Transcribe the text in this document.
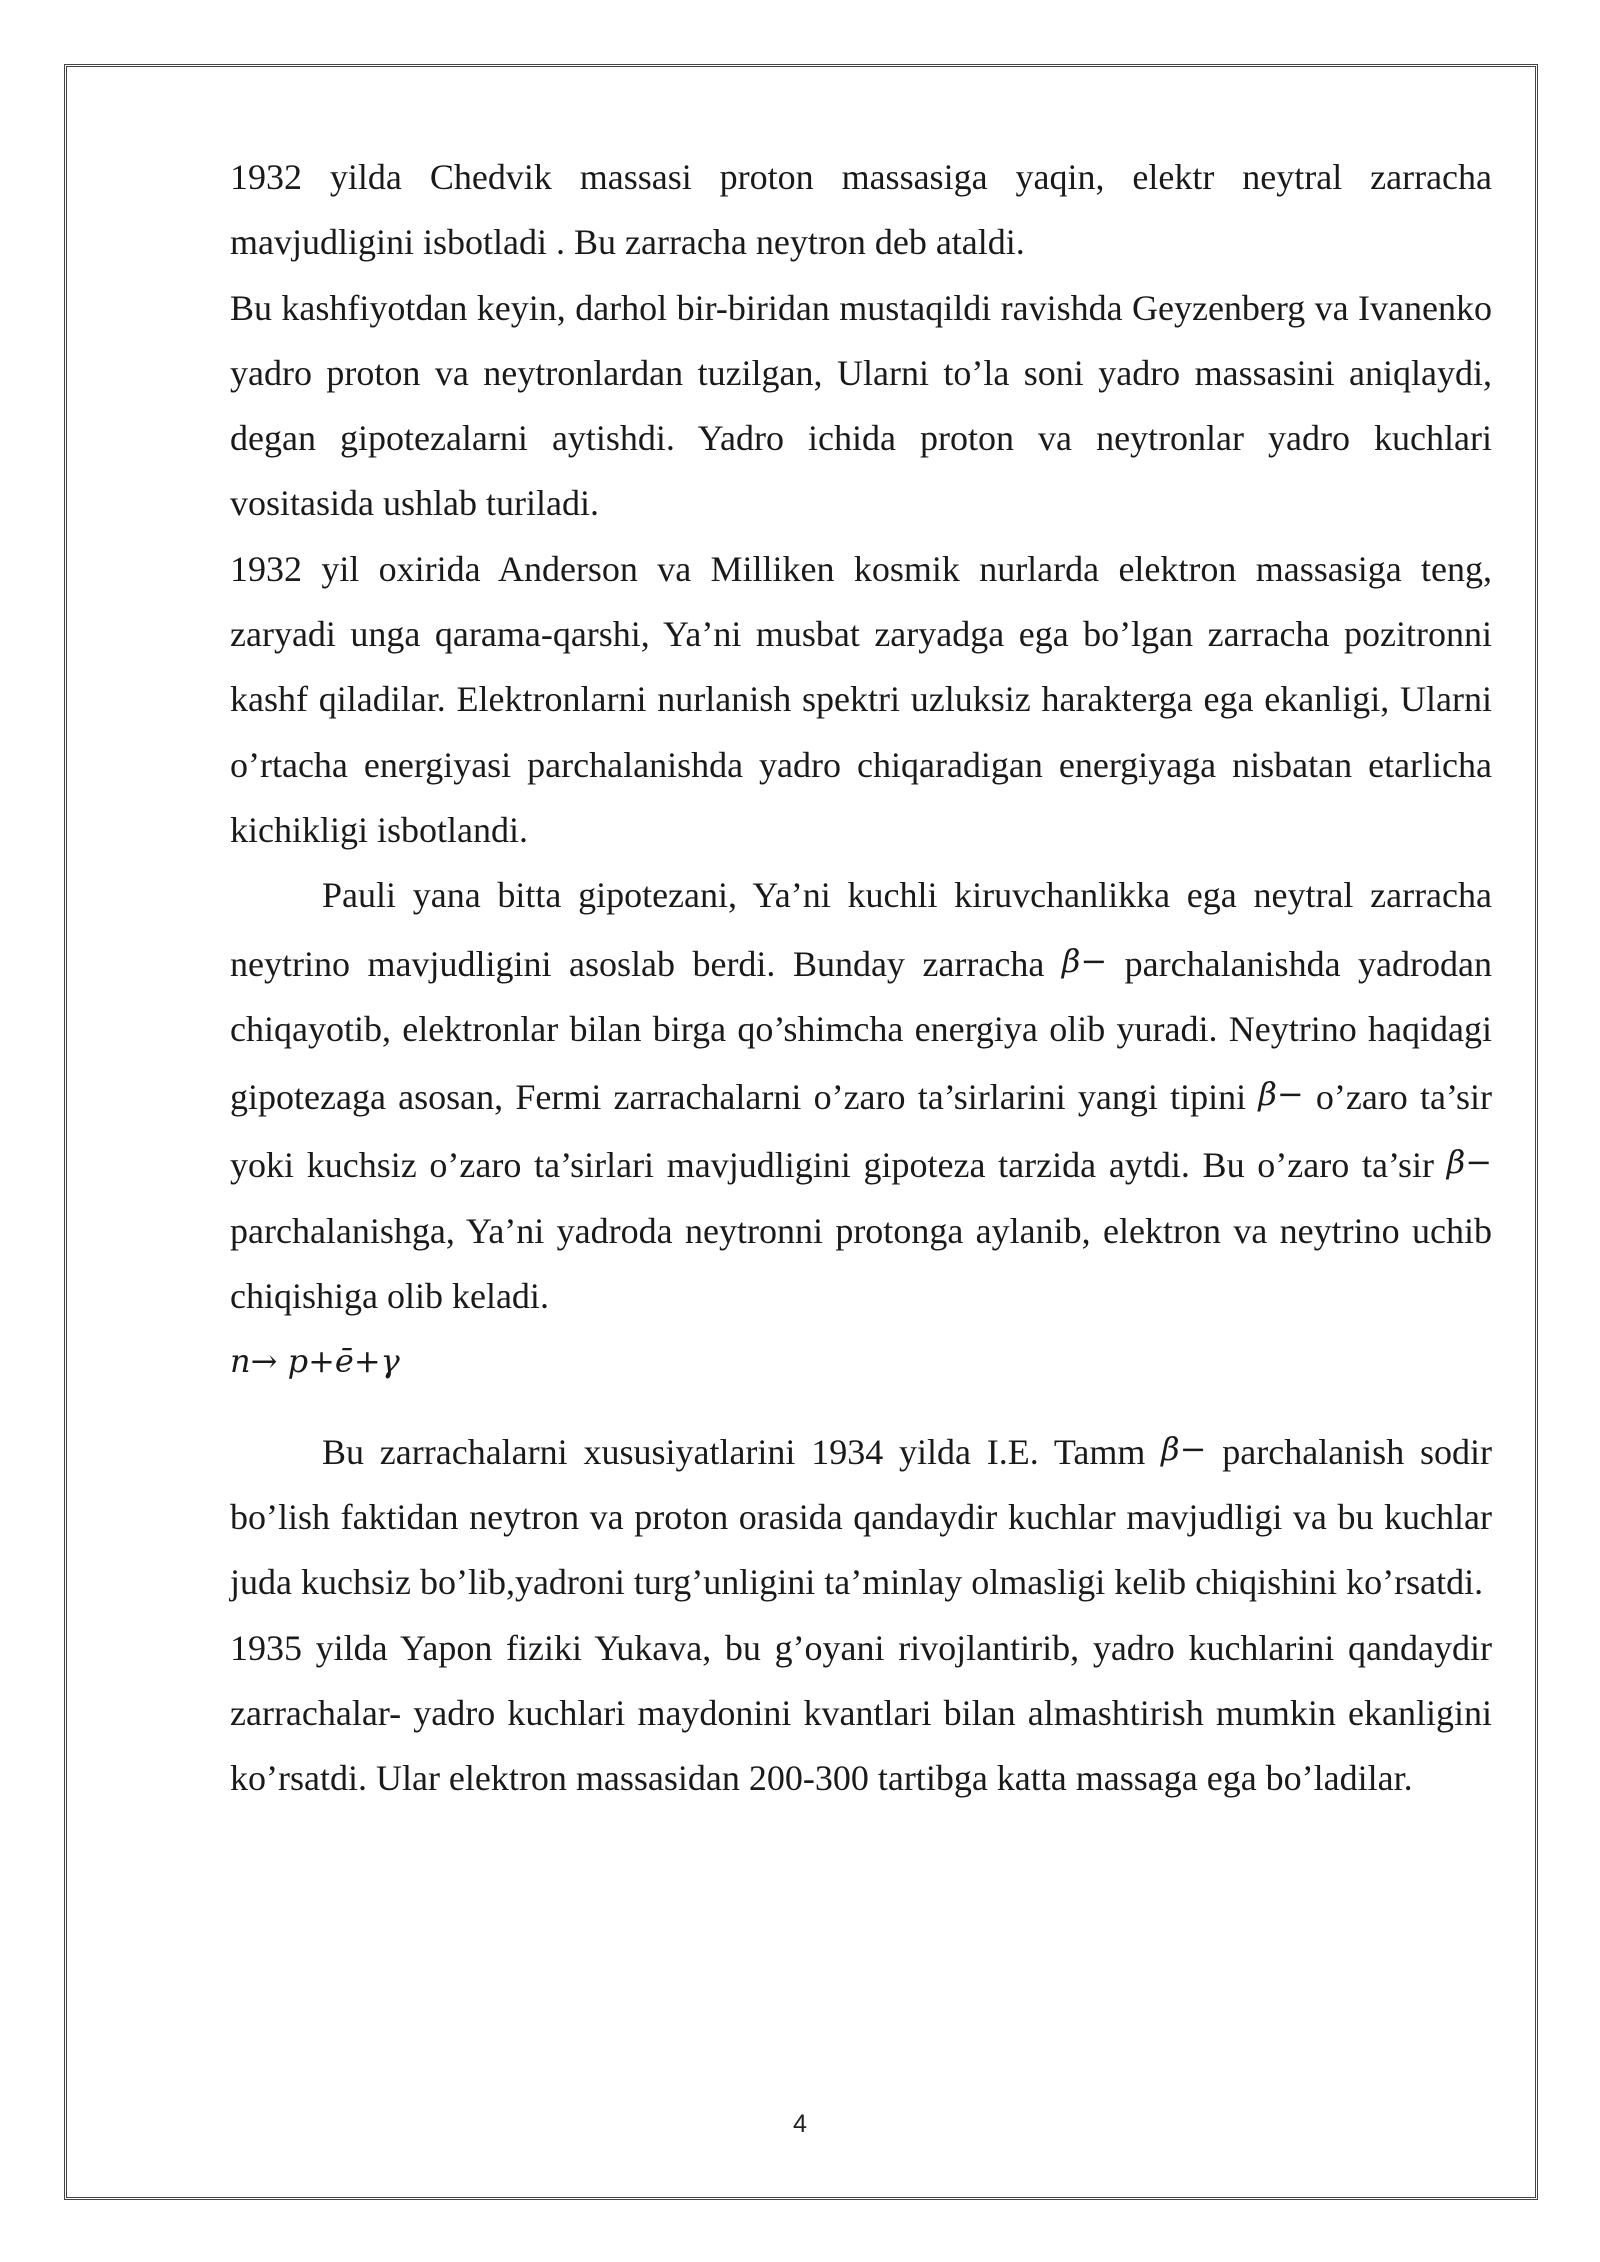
1932 yilda Chedvik massasi proton massasiga yaqin, elektr neytral zarracha mavjudligini isbotladi . Bu zarracha neytron deb ataldi.

Bu kashfiyotdan keyin, darhol bir-biridan mustaqildi ravishda Geyzenberg va Ivanenko yadro proton va neytronlardan tuzilgan, Ularni to’la soni yadro massasini aniqlaydi, degan gipotezalarni aytishdi. Yadro ichida proton va neytronlar yadro kuchlari vositasida ushlab turiladi.

1932 yil oxirida Anderson va Milliken kosmik nurlarda elektron massasiga teng, zaryadi unga qarama-qarshi, Ya’ni musbat zaryadga ega bo’lgan zarracha pozitronni kashf qiladilar. Elektronlarni nurlanish spektri uzluksiz harakterga ega ekanligi, Ularni o’rtacha energiyasi parchalanishda yadro chiqaradigan energiyaga nisbatan etarlicha kichikligi isbotlandi.

Pauli yana bitta gipotezani, Ya’ni kuchli kiruvchanlikka ega neytral zarracha neytrino mavjudligini asoslab berdi. Bunday zarracha β− parchalanishda yadrodan chiqayotib, elektronlar bilan birga qo’shimcha energiya olib yuradi. Neytrino haqidagi gipotezaga asosan, Fermi zarrachalarni o’zaro ta’sirlarini yangi tipini β− o’zaro ta’sir yoki kuchsiz o’zaro ta’sirlari mavjudligini gipoteza tarzida aytdi. Bu o’zaro ta’sir β− parchalanishga, Ya’ni yadroda neytronni protonga aylanib, elektron va neytrino uchib chiqishiga olib keladi.

n→ p+ē+γ

Bu zarrachalarni xususiyatlarini 1934 yilda I.E. Tamm β− parchalanish sodir bo’lish faktidan neytron va proton orasida qandaydir kuchlar mavjudligi va bu kuchlar juda kuchsiz bo’lib,yadroni turg’unligini ta’minlay olmasligi kelib chiqishini ko’rsatdi.

1935 yilda Yapon fiziki Yukava, bu g’oyani rivojlantirib, yadro kuchlarini qandaydir zarrachalar- yadro kuchlari maydonini kvantlari bilan almashtirish mumkin ekanligini ko’rsatdi. Ular elektron massasidan 200-300 tartibga katta massaga ega bo’ladilar.

4
